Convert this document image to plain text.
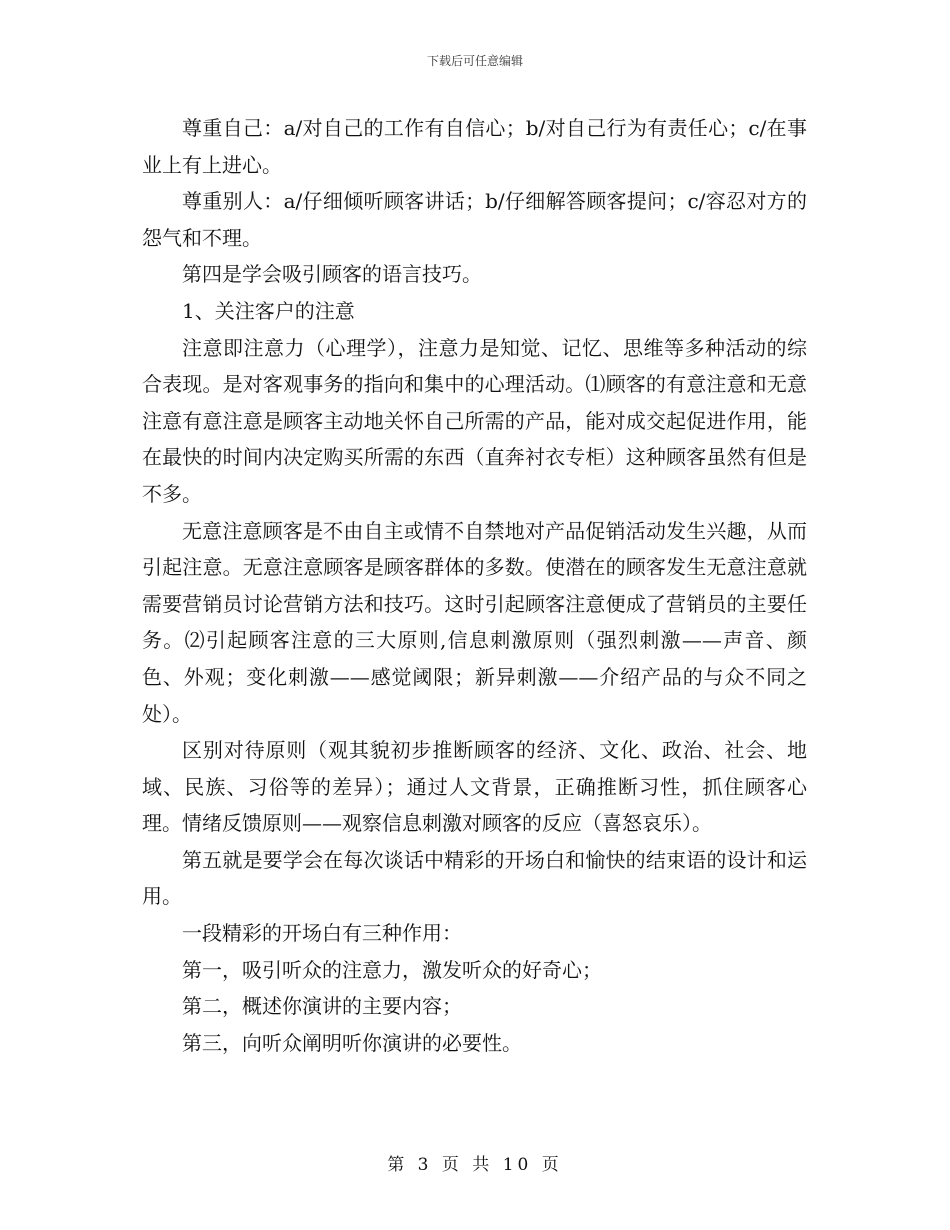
下载后可任意编辑

尊重自己：a/对自己的工作有自信心；b/对自己行为有责任心；c/在事业上有上进心。

尊重别人：a/仔细倾听顾客讲话；b/仔细解答顾客提问；c/容忍对方的怨气和不理。

第四是学会吸引顾客的语言技巧。

1、关注客户的注意

注意即注意力（心理学），注意力是知觉、记忆、思维等多种活动的综合表现。是对客观事务的指向和集中的心理活动。⑴顾客的有意注意和无意注意有意注意是顾客主动地关怀自己所需的产品，能对成交起促进作用，能在最快的时间内决定购买所需的东西（直奔衬衣专柜）这种顾客虽然有但是不多。

无意注意顾客是不由自主或情不自禁地对产品促销活动发生兴趣，从而引起注意。无意注意顾客是顾客群体的多数。使潜在的顾客发生无意注意就需要营销员讨论营销方法和技巧。这时引起顾客注意便成了营销员的主要任务。⑵引起顾客注意的三大原则,信息刺激原则（强烈刺激——声音、颜色、外观；变化刺激——感觉阈限；新异刺激——介绍产品的与众不同之处）。

区别对待原则（观其貌初步推断顾客的经济、文化、政治、社会、地域、民族、习俗等的差异）；通过人文背景，正确推断习性，抓住顾客心理。情绪反馈原则——观察信息刺激对顾客的反应（喜怒哀乐）。

第五就是要学会在每次谈话中精彩的开场白和愉快的结束语的设计和运用。

一段精彩的开场白有三种作用：

第一，吸引听众的注意力，激发听众的好奇心；

第二，概述你演讲的主要内容；

第三，向听众阐明听你演讲的必要性。

第 3 页 共 10 页
